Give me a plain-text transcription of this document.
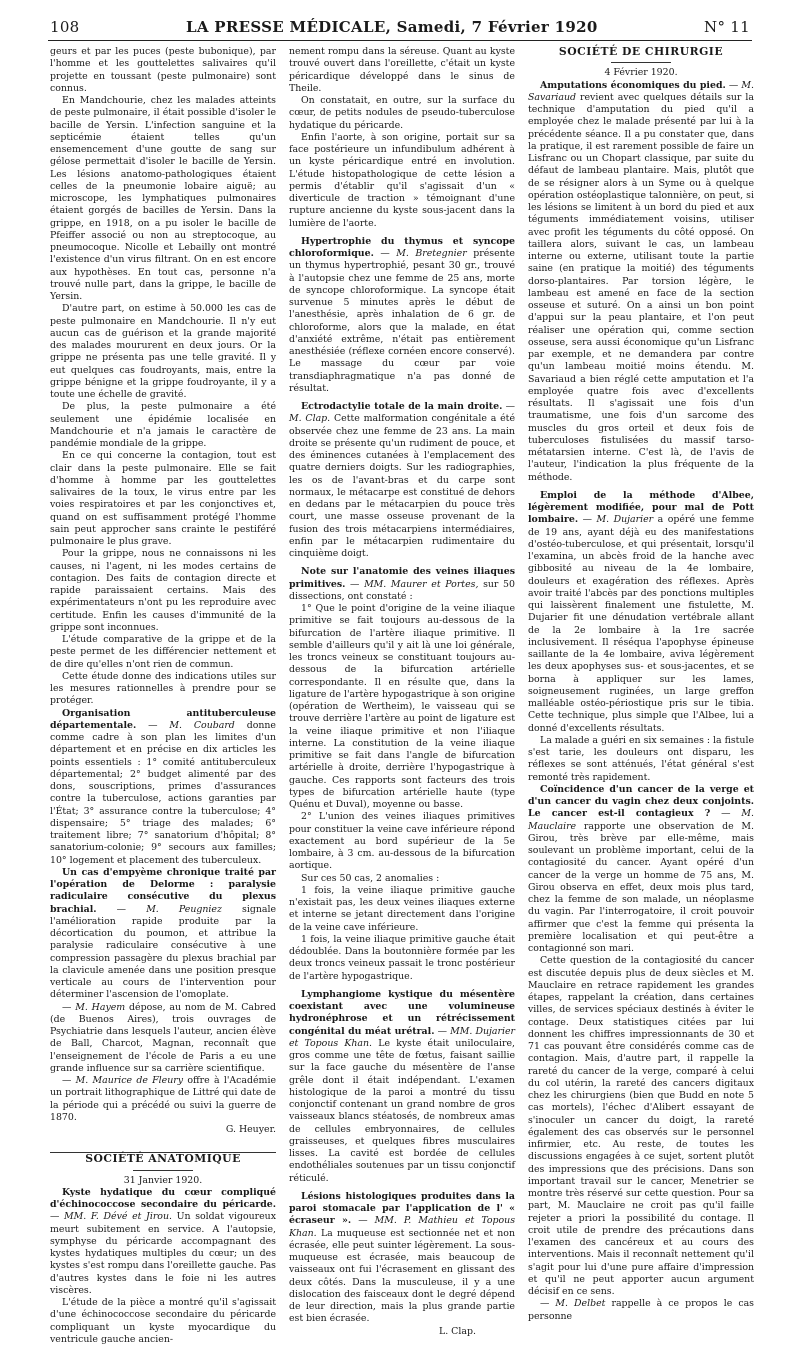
108	LA PRESSE MÉDICALE, Samedi, 7 Février 1920	N° 11

geurs et par les puces (peste bubonique), par l'homme et les gouttelettes salivaires qu'il projette en toussant (peste pulmonaire) sont connus.

En Mandchourie, chez les malades atteints de peste pulmonaire, il était possible d'isoler le bacille de Yersin. L'infection sanguine et la septicémie étaient telles qu'un ensemencement d'une goutte de sang sur gélose permettait d'isoler le bacille de Yersin. Les lésions anatomo-pathologiques étaient celles de la pneumonie lobaire aiguë; au microscope, les lymphatiques pulmonaires étaient gorgés de bacilles de Yersin. Dans la grippe, en 1918, on a pu isoler le bacille de Pfeiffer associé ou non au streptocoque, au pneumocoque. Nicolle et Lebailly ont montré l'existence d'un virus filtrant. On en est encore aux hypothèses. En tout cas, personne n'a trouvé nulle part, dans la grippe, le bacille de Yersin.

D'autre part, on estime à 50.000 les cas de peste pulmonaire en Mandchourie. Il n'y eut aucun cas de guérison et la grande majorité des malades moururent en deux jours. Or la grippe ne présenta pas une telle gravité. Il y eut quelques cas foudroyants, mais, entre la grippe bénigne et la grippe foudroyante, il y a toute une échelle de gravité.

De plus, la peste pulmonaire a été seulement une épidémie localisée en Mandchourie et n'a jamais le caractère de pandémie mondiale de la grippe.

En ce qui concerne la contagion, tout est clair dans la peste pulmonaire. Elle se fait d'homme à homme par les gouttelettes salivaires de la toux, le virus entre par les voies respiratoires et par les conjonctives et, quand on est suffisamment protégé l'homme sain peut approcher sans crainte le pestiféré pulmonaire le plus grave.

Pour la grippe, nous ne connaissons ni les causes, ni l'agent, ni les modes certains de contagion. Des faits de contagion directe et rapide paraissaient certains. Mais des expérimentateurs n'ont pu les reproduire avec certitude. Enfin les causes d'immunité de la grippe sont inconnues.

L'étude comparative de la grippe et de la peste permet de les différencier nettement et de dire qu'elles n'ont rien de commun.

Cette étude donne des indications utiles sur les mesures rationnelles à prendre pour se protéger.

Organisation antituberculeuse départementale. — M. Coubard donne comme cadre à son plan les limites d'un département et en précise en dix articles les points essentiels : 1° comité antituberculeux départemental; 2° budget alimenté par des dons, souscriptions, primes d'assurances contre la tuberculose, actions garanties par l'État; 3° assurance contre la tuberculose; 4° dispensaire; 5° triage des malades; 6° traitement libre; 7° sanatorium d'hôpital; 8° sanatorium-colonie; 9° secours aux familles; 10° logement et placement des tuberculeux.

Un cas d'empyème chronique traité par l'opération de Delorme : paralysie radiculaire consécutive du plexus brachial. — M. Peugniez signale l'amélioration rapide produite par la décortication du poumon, et attribue la paralysie radiculaire consécutive à une compression passagère du plexus brachial par la clavicule amenée dans une position presque verticale au cours de l'intervention pour déterminer l'ascension de l'omoplate.

— M. Hayem dépose, au nom de M. Cabred (de Buenos Aires), trois ouvrages de Psychiatrie dans lesquels l'auteur, ancien élève de Ball, Charcot, Magnan, reconnaît que l'enseignement de l'école de Paris a eu une grande influence sur sa carrière scientifique.

— M. Maurice de Fleury offre à l'Académie un portrait lithographique de Littré qui date de la période qui a précédé ou suivi la guerre de 1870.

G. Heuyer.

SOCIÉTÉ ANATOMIQUE

31 Janvier 1920.

Kyste hydatique du cœur compliqué d'échinococcose secondaire du péricarde. — MM. F. Dévé et Jirou. Un soldat vigoureux meurt subitement en service. A l'autopsie, symphyse du péricarde accompagnant des kystes hydatiques multiples du cœur; un des kystes s'est rompu dans l'oreillette gauche. Pas d'autres kystes dans le foie ni les autres viscères.

L'étude de la pièce a montré qu'il s'agissait d'une échinococcose secondaire du péricarde compliquant un kyste myocardique du ventricule gauche ancien-

nement rompu dans la séreuse. Quant au kyste trouvé ouvert dans l'oreillette, c'était un kyste péricardique développé dans le sinus de Theile.

On constatait, en outre, sur la surface du cœur, de petits nodules de pseudo-tuberculose hydatique du péricarde.

Enfin l'aorte, à son origine, portait sur sa face postérieure un infundibulum adhérent à un kyste péricardique entré en involution. L'étude histopathologique de cette lésion a permis d'établir qu'il s'agissait d'un « diverticule de traction » témoignant d'une rupture ancienne du kyste sous-jacent dans la lumière de l'aorte.

Hypertrophie du thymus et syncope chloroformique. — M. Bretegnier présente un thymus hypertrophié, pesant 30 gr., trouvé à l'autopsie chez une femme de 25 ans, morte de syncope chloroformique. La syncope était survenue 5 minutes après le début de l'anesthésie, après inhalation de 6 gr. de chloroforme, alors que la malade, en état d'anxiété extrême, n'était pas entièrement anesthésiée (réflexe cornéen encore conservé). Le massage du cœur par voie transdiaphragmatique n'a pas donné de résultat.

Ectrodactylie totale de la main droite. — M. Clap. Cette malformation congénitale a été observée chez une femme de 23 ans. La main droite se présente qu'un rudiment de pouce, et des éminences cutanées à l'emplacement des quatre derniers doigts. Sur les radiographies, les os de l'avant-bras et du carpe sont normaux, le métacarpe est constitué de dehors en dedans par le métacarpien du pouce très court, une masse osseuse provenant de la fusion des trois métacarpiens intermédiaires, enfin par le métacarpien rudimentaire du cinquième doigt.

Note sur l'anatomie des veines iliaques primitives. — MM. Maurer et Portes, sur 50 dissections, ont constaté :

1° Que le point d'origine de la veine iliaque primitive se fait toujours au-dessous de la bifurcation de l'artère iliaque primitive. Il semble d'ailleurs qu'il y ait là une loi générale, les troncs veineux se constituant toujours au-dessous de la bifurcation artérielle correspondante. Il en résulte que, dans la ligature de l'artère hypogastrique à son origine (opération de Wertheim), le vaisseau qui se trouve derrière l'artère au point de ligature est la veine iliaque primitive et non l'iliaque interne. La constitution de la veine iliaque primitive se fait dans l'angle de bifurcation artérielle à droite, derrière l'hypogastrique à gauche. Ces rapports sont facteurs des trois types de bifurcation artérielle haute (type Quénu et Duval), moyenne ou basse.

2° L'union des veines iliaques primitives pour constituer la veine cave inférieure répond exactement au bord supérieur de la 5e lombaire, à 3 cm. au-dessous de la bifurcation aortique.

Sur ces 50 cas, 2 anomalies :

1 fois, la veine iliaque primitive gauche n'existait pas, les deux veines iliaques externe et interne se jetant directement dans l'origine de la veine cave inférieure.

1 fois, la veine iliaque primitive gauche était dédoublée. Dans la boutonnière formée par les deux troncs veineux passait le tronc postérieur de l'artère hypogastrique.

Lymphangiome kystique du mésentère coexistant avec une volumineuse hydronéphrose et un rétrécissement congénital du méat urétral. — MM. Dujarier et Topous Khan. Le kyste était uniloculaire, gros comme une tête de fœtus, faisant saillie sur la face gauche du mésentère de l'anse grêle dont il était indépendant. L'examen histologique de la paroi a montré du tissu conjonctif contenant un grand nombre de gros vaisseaux blancs stéatosés, de nombreux amas de cellules embryonnaires, de cellules graisseuses, et quelques fibres musculaires lisses. La cavité est bordée de cellules endothéliales soutenues par un tissu conjonctif réticulé.

Lésions histologiques produites dans la paroi stomacale par l'application de l' « écraseur ». — MM. P. Mathieu et Topous Khan. La muqueuse est sectionnée net et non écrasée, elle peut suinter légèrement. La sous-muqueuse est écrasée, mais beaucoup de vaisseaux ont fui l'écrasement en glissant des deux côtés. Dans la musculeuse, il y a une dislocation des faisceaux dont le degré dépend de leur direction, mais la plus grande partie est bien écrasée.

L. Clap.

SOCIÉTÉ DE CHIRURGIE

4 Février 1920.

Amputations économiques du pied. — M. Savariaud revient avec quelques détails sur la technique d'amputation du pied qu'il a employée chez le malade présenté par lui à la précédente séance. Il a pu constater que, dans la pratique, il est rarement possible de faire un Lisfranc ou un Chopart classique, par suite du défaut de lambeau plantaire. Mais, plutôt que de se résigner alors à un Syme ou à quelque opération ostéoplastique talonnière, on peut, si les lésions se limitent à un bord du pied et aux téguments immédiatement voisins, utiliser avec profit les téguments du côté opposé. On taillera alors, suivant le cas, un lambeau interne ou externe, utilisant toute la partie saine (en pratique la moitié) des téguments dorso-plantaires. Par torsion légère, le lambeau est amené en face de la section osseuse et suturé. On a ainsi un bon point d'appui sur la peau plantaire, et l'on peut réaliser une opération qui, comme section osseuse, sera aussi économique qu'un Lisfranc par exemple, et ne demandera par contre qu'un lambeau moitié moins étendu. M. Savariaud a bien réglé cette amputation et l'a employée quatre fois avec d'excellents résultats. Il s'agissait une fois d'un traumatisme, une fois d'un sarcome des muscles du gros orteil et deux fois de tuberculoses fistulisées du massif tarso-métatarsien interne. C'est là, de l'avis de l'auteur, l'indication la plus fréquente de la méthode.

Emploi de la méthode d'Albee, légèrement modifiée, pour mal de Pott lombaire. — M. Dujarier a opéré une femme de 19 ans, ayant déjà eu des manifestations d'ostéo-tuberculose, et qui présentait, lorsqu'il l'examina, un abcès froid de la hanche avec gibbosité au niveau de la 4e lombaire, douleurs et exagération des réflexes. Après avoir traité l'abcès par des ponctions multiples qui laissèrent finalement une fistulette, M. Dujarier fit une dénudation vertébrale allant de la 2e lombaire à la 1re sacrée inclusivement. Il réséqua l'apophyse épineuse saillante de la 4e lombaire, aviva légèrement les deux apophyses sus- et sous-jacentes, et se borna à appliquer sur les lames, soigneusement ruginées, un large greffon malléable ostéo-périostique pris sur le tibia. Cette technique, plus simple que l'Albee, lui a donné d'excellents résultats.

La malade a guéri en six semaines : la fistule s'est tarie, les douleurs ont disparu, les réflexes se sont atténués, l'état général s'est remonté très rapidement.

Coïncidence d'un cancer de la verge et d'un cancer du vagin chez deux conjoints. Le cancer est-il contagieux ? — M. Mauclaire rapporte une observation de M. Girou, très brève par elle-même, mais soulevant un problème important, celui de la contagiosité du cancer. Ayant opéré d'un cancer de la verge un homme de 75 ans, M. Girou observa en effet, deux mois plus tard, chez la femme de son malade, un néoplasme du vagin. Par l'interrogatoire, il croit pouvoir affirmer que c'est la femme qui présenta la première localisation et qui peut-être a contagionné son mari.

Cette question de la contagiosité du cancer est discutée depuis plus de deux siècles et M. Mauclaire en retrace rapidement les grandes étapes, rappelant la création, dans certaines villes, de services spéciaux destinés à éviter le contage. Deux statistiques citées par lui donnent les chiffres impressionnants de 30 et 71 cas pouvant être considérés comme cas de contagion. Mais, d'autre part, il rappelle la rareté du cancer de la verge, comparé à celui du col utérin, la rareté des cancers digitaux chez les chirurgiens (bien que Budd en note 5 cas mortels), l'échec d'Alibert essayant de s'inoculer un cancer du doigt, la rareté également des cas observés sur le personnel infirmier, etc. Au reste, de toutes les discussions engagées à ce sujet, sortent plutôt des impressions que des précisions. Dans son important travail sur le cancer, Menetrier se montre très réservé sur cette question. Pour sa part, M. Mauclaire ne croit pas qu'il faille rejeter a priori la possibilité du contage. Il croit utile de prendre des précautions dans l'examen des cancéreux et au cours des interventions. Mais il reconnaît nettement qu'il s'agit pour lui d'une pure affaire d'impression et qu'il ne peut apporter aucun argument décisif en ce sens.

— M. Delbet rappelle à ce propos le cas personne
